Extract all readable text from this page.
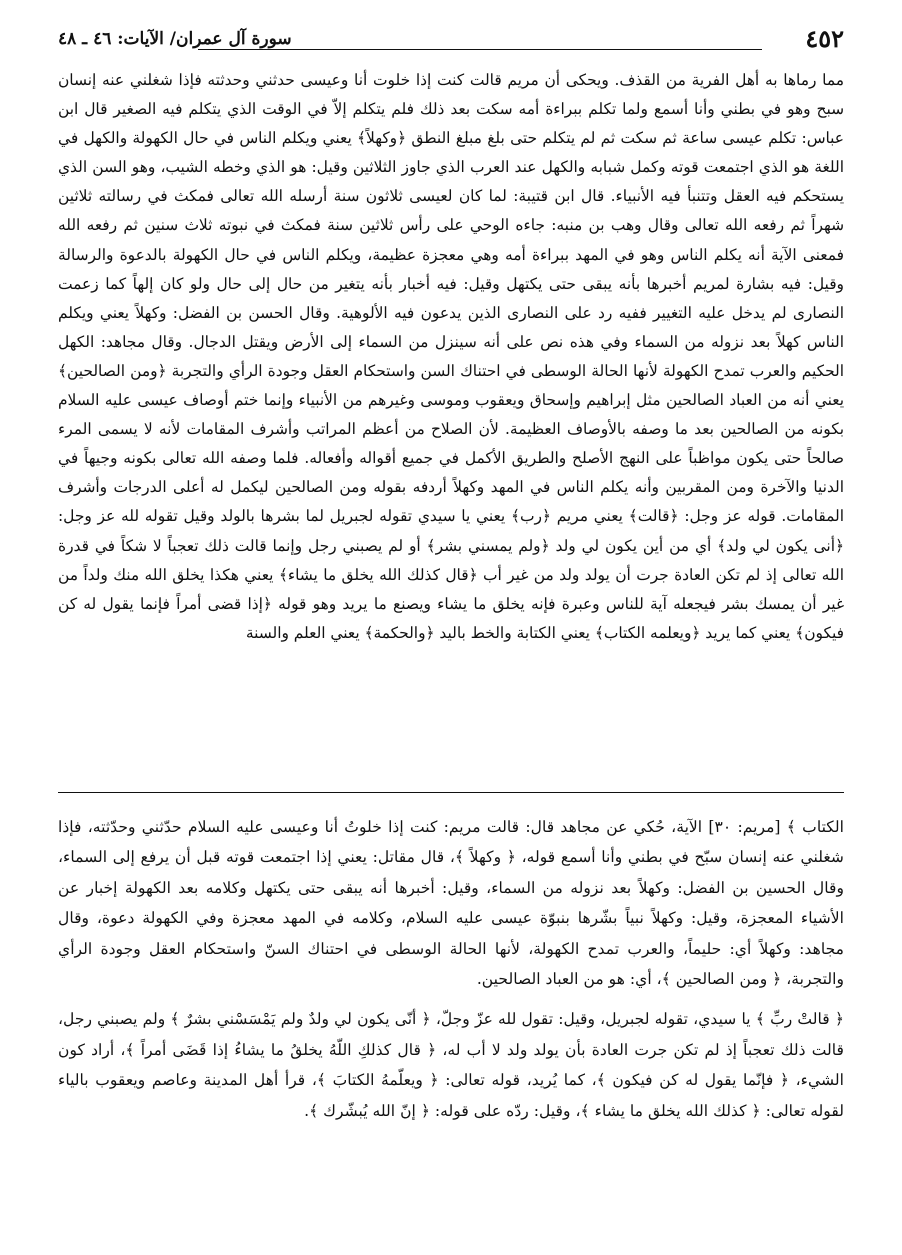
٤٥٢
سورة آل عمران/ الآيات: ٤٦ ـ ٤٨

مما رماها به أهل الفرية من القذف. ويحكى أن مريم قالت كنت إذا خلوت أنا وعيسى حدثني وحدثته فإذا شغلني عنه إنسان سبح وهو في بطني وأنا أسمع ولما تكلم ببراءة أمه سكت بعد ذلك فلم يتكلم إلاّ في الوقت الذي يتكلم فيه الصغير قال ابن عباس: تكلم عيسى ساعة ثم سكت ثم لم يتكلم حتى بلغ مبلغ النطق ﴿وكهلاً﴾ يعني ويكلم الناس في حال الكهولة والكهل في اللغة هو الذي اجتمعت قوته وكمل شبابه والكهل عند العرب الذي جاوز الثلاثين وقيل: هو الذي وخطه الشيب، وهو السن الذي يستحكم فيه العقل وتتنبأ فيه الأنبياء. قال ابن قتيبة: لما كان لعيسى ثلاثون سنة أرسله الله تعالى فمكث في رسالته ثلاثين شهراً ثم رفعه الله تعالى وقال وهب بن منبه: جاءه الوحي على رأس ثلاثين سنة فمكث في نبوته ثلاث سنين ثم رفعه الله فمعنى الآية أنه يكلم الناس وهو في المهد ببراءة أمه وهي معجزة عظيمة، ويكلم الناس في حال الكهولة بالدعوة والرسالة وقيل: فيه بشارة لمريم أخبرها بأنه يبقى حتى يكتهل وقيل: فيه أخبار بأنه يتغير من حال إلى حال ولو كان إلهاً كما زعمت النصارى لم يدخل عليه التغيير ففيه رد على النصارى الذين يدعون فيه الألوهية. وقال الحسن بن الفضل: وكهلاً يعني ويكلم الناس كهلاً بعد نزوله من السماء وفي هذه نص على أنه سينزل من السماء إلى الأرض ويقتل الدجال. وقال مجاهد: الكهل الحكيم والعرب تمدح الكهولة لأنها الحالة الوسطى في احتناك السن واستحكام العقل وجودة الرأي والتجربة ﴿ومن الصالحين﴾ يعني أنه من العباد الصالحين مثل إبراهيم وإسحاق ويعقوب وموسى وغيرهم من الأنبياء وإنما ختم أوصاف عيسى عليه السلام بكونه من الصالحين بعد ما وصفه بالأوصاف العظيمة. لأن الصلاح من أعظم المراتب وأشرف المقامات لأنه لا يسمى المرء صالحاً حتى يكون مواظباً على النهج الأصلح والطريق الأكمل في جميع أقواله وأفعاله. فلما وصفه الله تعالى بكونه وجيهاً في الدنيا والآخرة ومن المقربين وأنه يكلم الناس في المهد وكهلاً أردفه بقوله ومن الصالحين ليكمل له أعلى الدرجات وأشرف المقامات. قوله عز وجل: ﴿قالت﴾ يعني مريم ﴿رب﴾ يعني يا سيدي تقوله لجبريل لما بشرها بالولد وقيل تقوله لله عز وجل: ﴿أنى يكون لي ولد﴾ أي من أين يكون لي ولد ﴿ولم يمسني بشر﴾ أو لم يصبني رجل وإنما قالت ذلك تعجباً لا شكاً في قدرة الله تعالى إذ لم تكن العادة جرت أن يولد ولد من غير أب ﴿قال كذلك الله يخلق ما يشاء﴾ يعني هكذا يخلق الله منك ولداً من غير أن يمسك بشر فيجعله آية للناس وعبرة فإنه يخلق ما يشاء ويصنع ما يريد وهو قوله ﴿إذا قضى أمراً فإنما يقول له كن فيكون﴾ يعني كما يريد ﴿ويعلمه الكتاب﴾ يعني الكتابة والخط باليد ﴿والحكمة﴾ يعني العلم والسنة

الكتاب ﴾ [مريم: ٣٠] الآية، حُكي عن مجاهد قال: قالت مريم: كنت إذا خلوتُ أنا وعيسى عليه السلام حدّثني وحدّثته، فإذا شغلني عنه إنسان سبّح في بطني وأنا أسمع قوله، ﴿ وكهلاً ﴾، قال مقاتل: يعني إذا اجتمعت قوته قبل أن يرفع إلى السماء، وقال الحسين بن الفضل: وكهلاً بعد نزوله من السماء، وقيل: أخبرها أنه يبقى حتى يكتهل وكلامه بعد الكهولة إخبار عن الأشياء المعجزة، وقيل: وكهلاً نبياً بشّرها بنبوّة عيسى عليه السلام، وكلامه في المهد معجزة وفي الكهولة دعوة، وقال مجاهد: وكهلاً أي: حليماً، والعرب تمدح الكهولة، لأنها الحالة الوسطى في احتناك السنّ واستحكام العقل وجودة الرأي والتجربة، ﴿ ومن الصالحين ﴾، أي: هو من العباد الصالحين.

﴿ قالتْ ربِّ ﴾ يا سيدي، تقوله لجبريل، وقيل: تقول لله عزّ وجلّ، ﴿ أنّى يكون لي ولدٌ ولم يَمْسَسْني بشرٌ ﴾ ولم يصبني رجل، قالت ذلك تعجباً إذ لم تكن جرت العادة بأن يولد ولد لا أب له، ﴿ قال كذلكِ اللّهُ يخلقُ ما يشاءُ إذا قَضَى أمراً ﴾، أراد كون الشيء، ﴿ فإنّما يقول له كن فيكون ﴾، كما يُريد، قوله تعالى: ﴿ ويعلّمهُ الكتابَ ﴾، قرأ أهل المدينة وعاصم ويعقوب بالياء لقوله تعالى: ﴿ كذلك الله يخلق ما يشاء ﴾، وقيل: ردّه على قوله: ﴿ إنّ الله يُبشّرك ﴾.
